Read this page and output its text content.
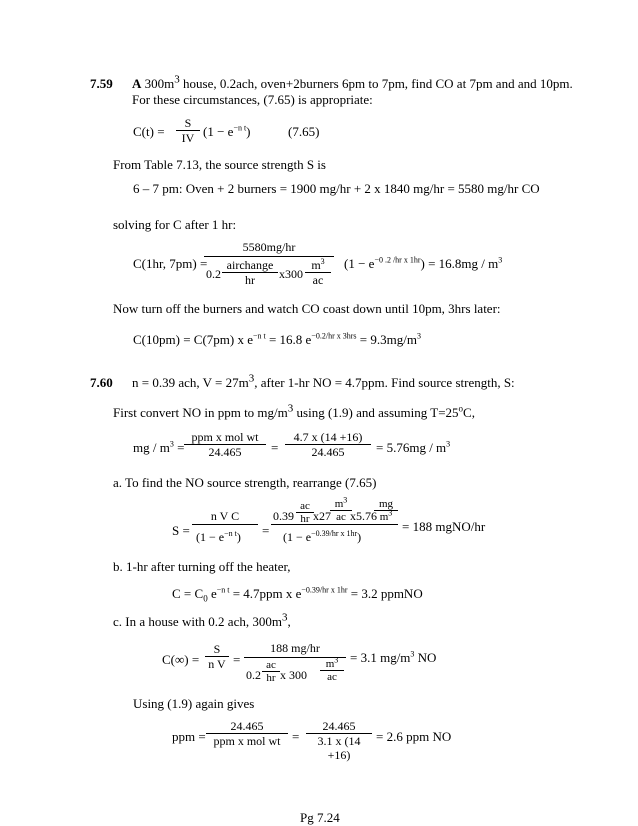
7.59 A $300m^3$ house, 0.2ach, oven+2burners 6pm to 7pm, find CO at 7pm and and 10pm.
For these circumstances, (7.65) is appropriate:
$C(t) = \frac{S}{IV} (1 - e^{-n t})$	(7.65)
From Table 7.13, the source strength S is
6 – 7 pm: Oven + 2 burners = 1900 mg/hr + 2 x 1840 mg/hr = 5580 mg/hr CO
solving for C after 1 hr:
C(1hr, 7pm) =
5580mg/hr
0.2
airchange
hr	$x300 \frac{m^3}{ac} (1 - e^{-0 .2 /hr x 1hr}) = 16.8mg / m^3$
Now turn off the burners and watch CO coast down until 10pm, 3hrs later:
C(10pm) = C(7pm) x $e^{-n t} = 16.8$ $e^{-0.2/hr x 3hrs} = 9.3mg/m^3$
7.60 n = 0.39 ach, $V = 27m^3$, after 1-hr NO = 4.7ppm. Find source strength, S:
First convert NO in ppm to $mg/m^3$ using (1.9) and assuming $T=25^oC$,
mg / $m^3$ =
ppm x mol wt
24.465	= $\frac{4.7 x (14 +16)}{24.465} = 5.76mg / m^3$
a. To find the NO source strength, rearrange (7.65)
S =
n V C
$(1 - e^{-n t})$ =
$0.39 \frac{ac}{hr} x27 \frac{m^3}{ac}$
x5.76
$\frac{mg}{m^3}$
$(1 - e^{-0.39/hr x 1hr})$
= 188 mgNO/hr
b. 1-hr after turning off the heater,
$C = C_0$ $e^{-n t} = 4.7ppm$ x $e^{-0.39/hr x 1hr} = 3.2$ ppmNO
c. In a house with 0.2 ach, $300m^3$,
$C(\infty) = \frac{S}{\text{n V}}$ =
188 mg/hr
$0.2 \frac{ac}{hr}$ x $300 \frac{m^3}{ac}$
= 3.1 $mg/m^3$ NO
Using (1.9) again gives
ppm =
24.465
ppm x mol wt = $\frac{24.465}{3.1 x (14 +16)} = 2.6$ ppm NO
Pg 7.24
